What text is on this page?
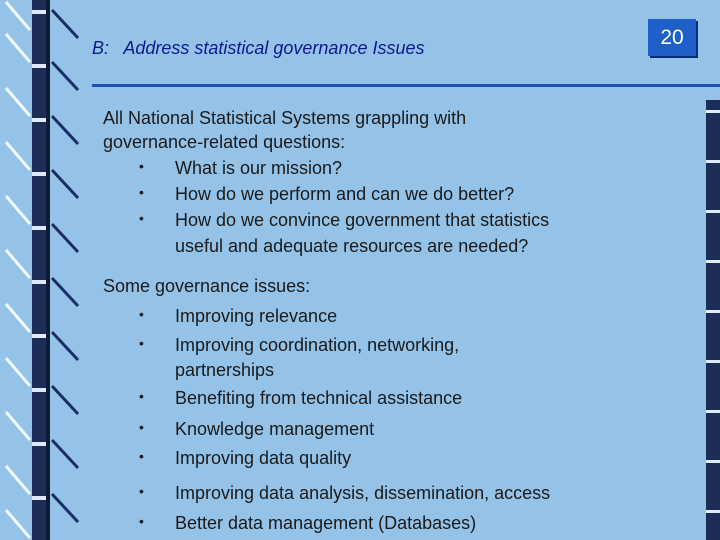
B:   Address statistical governance Issues	20
All National Statistical Systems grappling with
governance-related questions:
• What is our mission?
• How do we perform and can we do better?
• How do we convince government that statistics
useful and adequate resources are needed?
Some governance issues:
• Improving relevance
• Improving coordination, networking,
partnerships
• Benefiting from technical assistance
• Knowledge management
• Improving data quality
• Improving data analysis, dissemination, access
• Better data management (Databases)
